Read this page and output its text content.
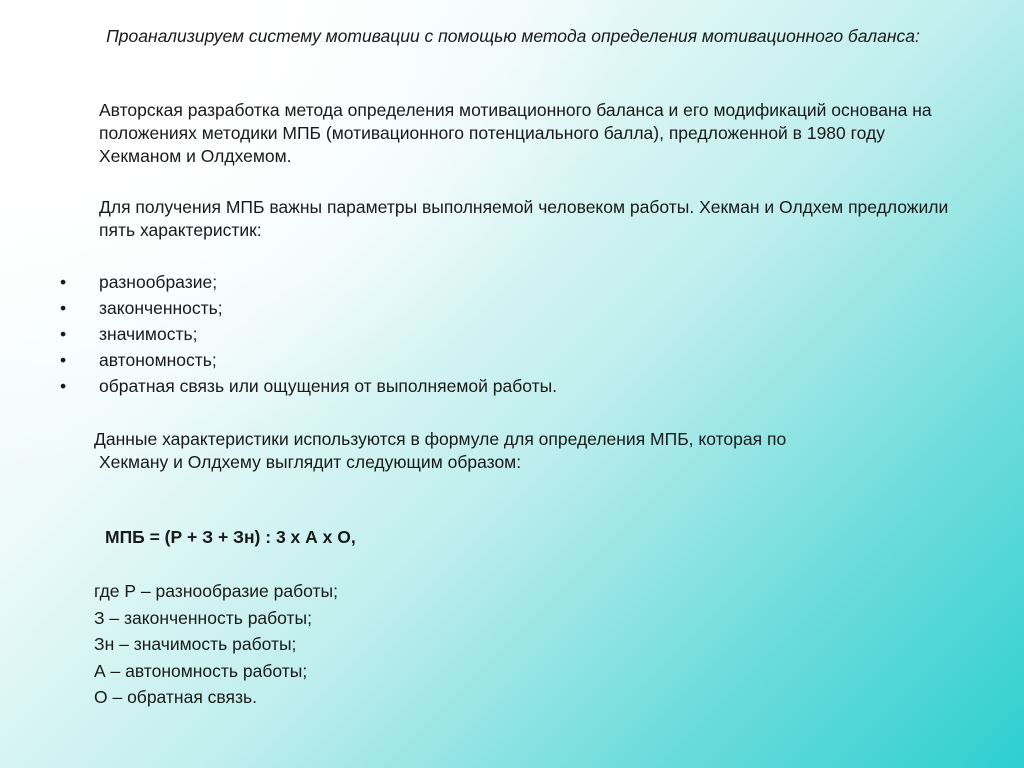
Проанализируем систему мотивации с помощью метода определения мотивационного баланса:
Авторская разработка метода определения мотивационного баланса и его модификаций основана на положениях методики МПБ (мотивационного потенциального балла), предложенной в 1980 году Хекманом и Олдхемом.
Для получения МПБ важны параметры выполняемой человеком работы. Хекман и Олдхем предложили пять характеристик:
• разнообразие;
• законченность;
• значимость;
• автономность;
• обратная связь или ощущения от выполняемой работы.
Данные характеристики используются в формуле для определения МПБ, которая по
Хекману и Олдхему выглядит следующим образом:
МПБ = (Р + З + Зн) : 3 х А х О,
где Р – разнообразие работы;
З – законченность работы;
Зн – значимость работы;
А – автономность работы;
О – обратная связь.
